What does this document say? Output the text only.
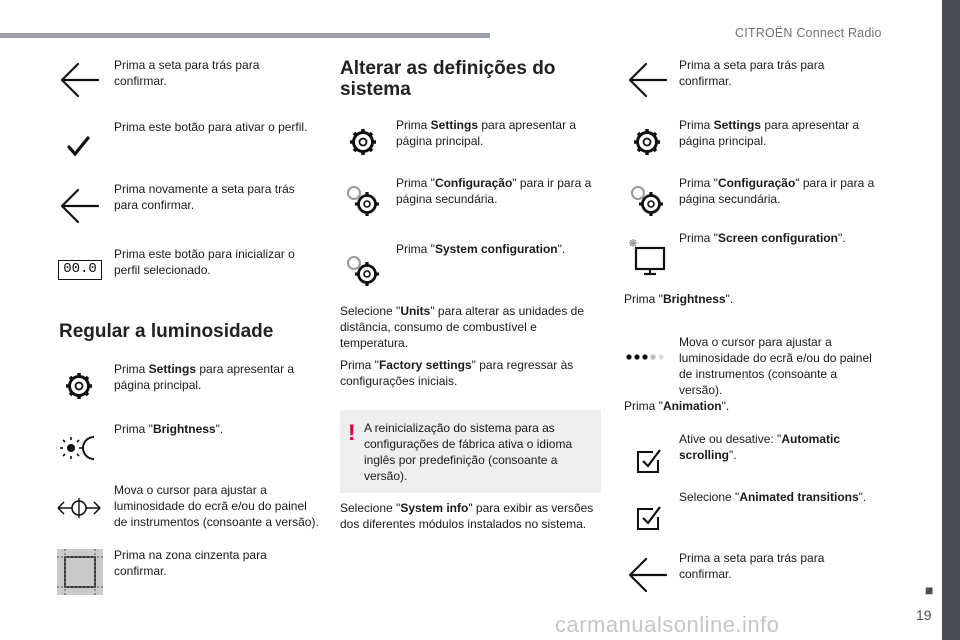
CITROËN Connect Radio
■
19
carmanualsonline.info
Prima a seta para trás para confirmar.
Prima este botão para ativar o perfil.
Prima novamente a seta para trás para confirmar.
00.0
Prima este botão para inicializar o perfil selecionado.
Regular a luminosidade
Prima Settings para apresentar a página principal.
Prima "Brightness".
Mova o cursor para ajustar a luminosidade do ecrã e/ou do painel de instrumentos (consoante a versão).
Prima na zona cinzenta para confirmar.
Alterar as definições do
sistema
Prima Settings para apresentar a página principal.
Prima "Configuração" para ir para a página secundária.
Prima "System configuration".
Selecione "Units" para alterar as unidades de distância, consumo de combustível e temperatura.
Prima "Factory settings" para regressar às configurações iniciais.
! A reinicialização do sistema para as configurações de fábrica ativa o idioma inglês por predefinição (consoante a versão).
Selecione "System info" para exibir as versões dos diferentes módulos instalados no sistema.
Prima a seta para trás para confirmar.
Prima Settings para apresentar a página principal.
Prima "Configuração" para ir para a página secundária.
Prima "Screen configuration".
Prima "Brightness".
Mova o cursor para ajustar a luminosidade do ecrã e/ou do painel de instrumentos (consoante a versão).
Prima "Animation".
Ative ou desative: "Automatic scrolling".
Selecione "Animated transitions".
Prima a seta para trás para confirmar.
